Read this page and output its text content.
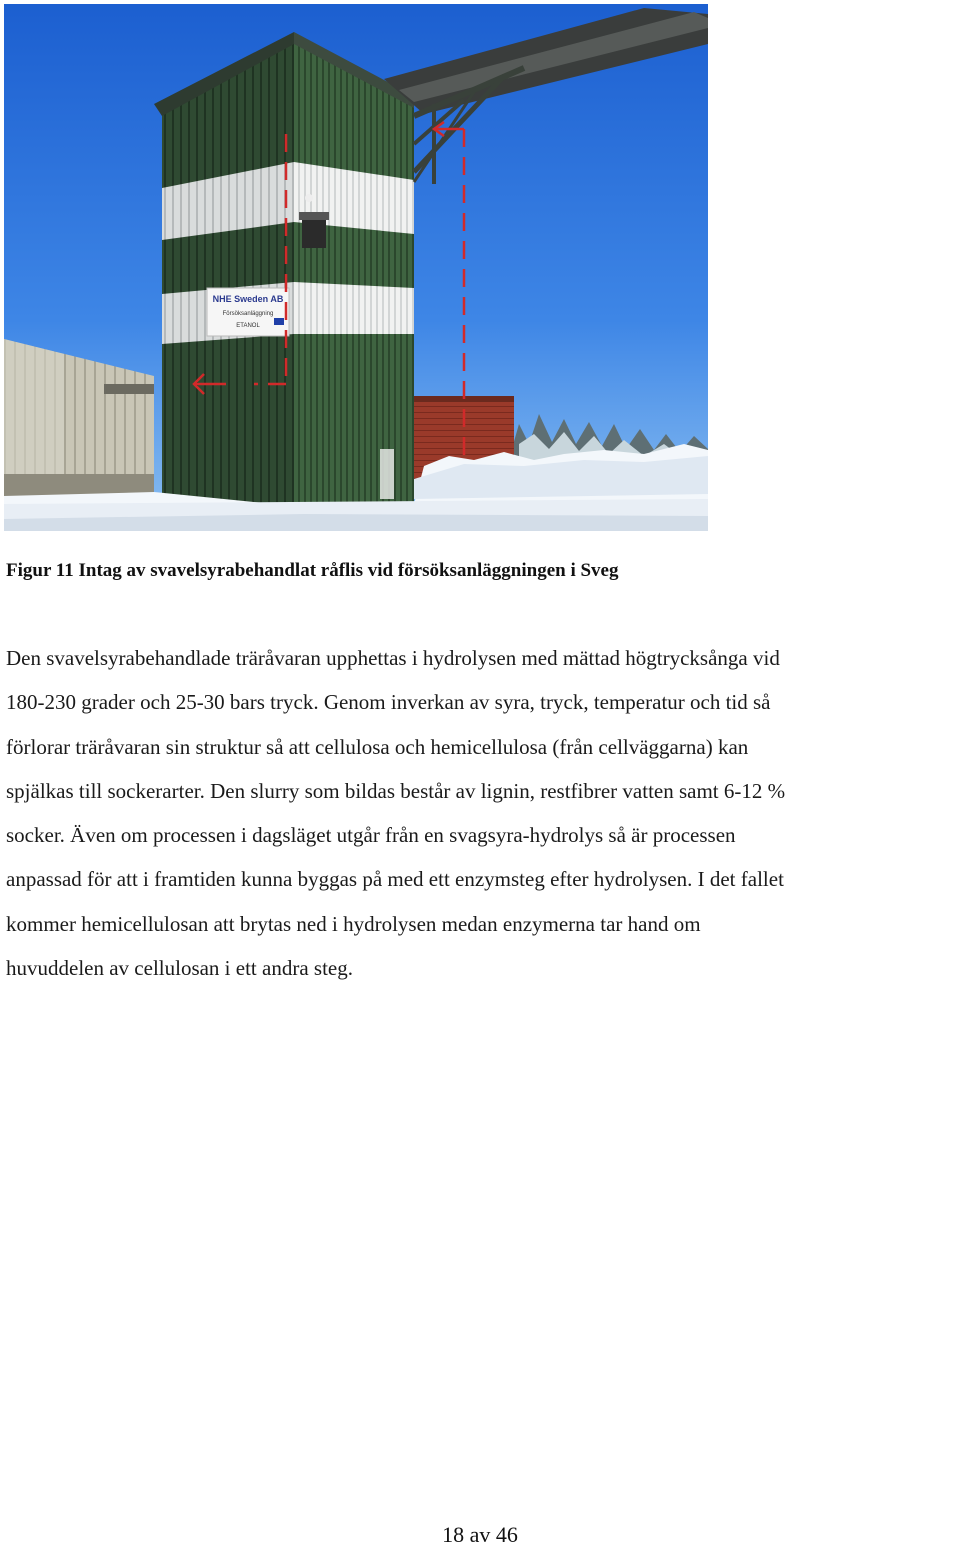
NHE Sweden AB
Försöksanläggning
ETANOL

Figur 11 Intag av svavelsyrabehandlat råflis vid försöksanläggningen i Sveg

Den svavelsyrabehandlade träråvaran upphettas i hydrolysen med mättad högtrycksånga vid
180-230 grader och 25-30 bars tryck. Genom inverkan av syra, tryck, temperatur och tid så
förlorar träråvaran sin struktur så att cellulosa och hemicellulosa (från cellväggarna) kan
spjälkas till sockerarter. Den slurry som bildas består av lignin, restfibrer vatten samt 6-12 %
socker. Även om processen i dagsläget utgår från en svagsyra-hydrolys så är processen
anpassad för att i framtiden kunna byggas på med ett enzymsteg efter hydrolysen. I det fallet
kommer hemicellulosan att brytas ned i hydrolysen medan enzymerna tar hand om
huvuddelen av cellulosan i ett andra steg.

18 av 46
